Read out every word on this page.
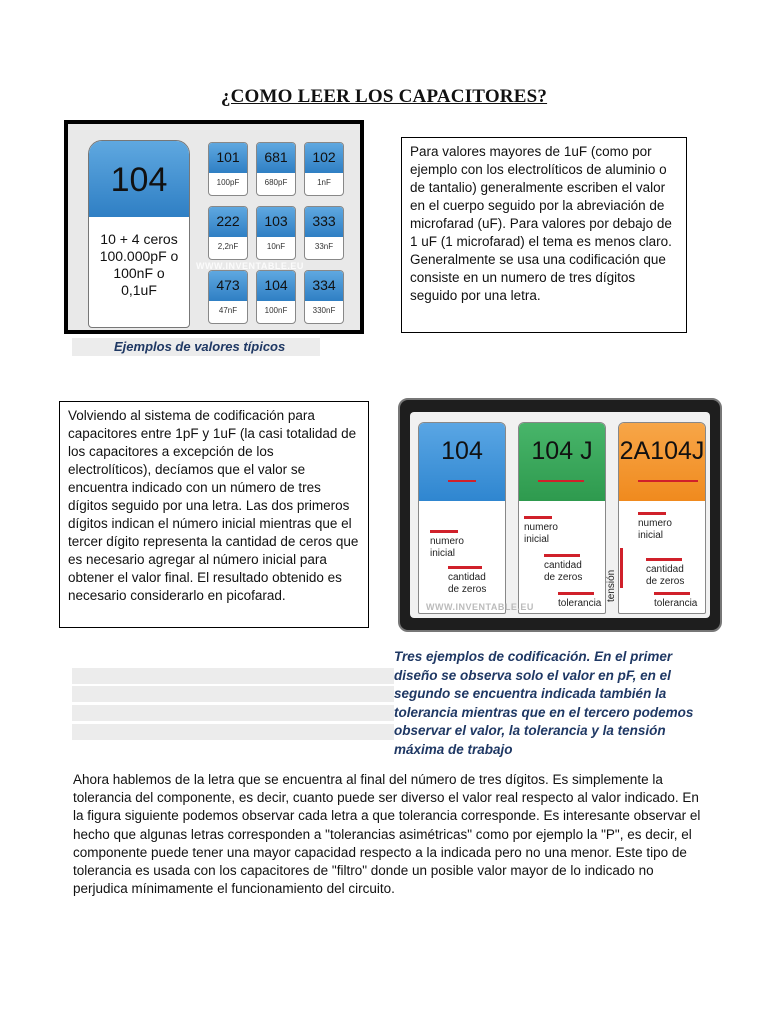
¿COMO LEER LOS CAPACITORES?
104
10 + 4 ceros
100.000pF o
100nF o
0,1uF
101
100pF
681
680pF
102
1nF
222
2,2nF
103
10nF
333
33nF
473
47nF
104
100nF
334
330nF
WWW.INVENTABLE.EU
Ejemplos de valores típicos
Para valores mayores de 1uF (como por ejemplo con los electrolíticos de aluminio o de tantalio) generalmente escriben el valor en el cuerpo seguido por la abreviación de microfarad (uF). Para valores por debajo de 1 uF (1 microfarad) el tema es menos claro. Generalmente se usa una codificación que consiste en un numero de tres dígitos seguido por una letra.
Volviendo al sistema de codificación para capacitores entre 1pF y 1uF (la casi totalidad de los capacitores a excepción de los electrolíticos), decíamos que el valor se encuentra indicado con un número de tres dígitos seguido por una letra. Las dos primeros dígitos indican el número inicial mientras que el tercer dígito representa la cantidad de ceros que es necesario agregar al número inicial para obtener el valor final. El resultado obtenido es necesario considerarlo en picofarad.
104
numero
inicial
cantidad
de zeros
104 J
numero
inicial
cantidad
de zeros
tolerancia
2A104J
numero
inicial
cantidad
de zeros
tolerancia
tensión
WWW.INVENTABLE.EU
Tres ejemplos de codificación. En el primer diseño se observa solo el valor en pF, en el segundo se encuentra indicada también la tolerancia mientras que en el tercero podemos observar el valor, la tolerancia y la tensión máxima de trabajo
Ahora hablemos de la letra que se encuentra al final del número de tres dígitos. Es simplemente la tolerancia del componente, es decir, cuanto puede ser diverso el valor real respecto al valor indicado. En la figura siguiente podemos observar cada letra a que tolerancia corresponde. Es interesante observar el hecho que algunas letras corresponden a "tolerancias asimétricas" como por ejemplo la "P", es decir, el componente puede tener una mayor capacidad respecto a la indicada pero no una menor. Este tipo de tolerancia es usada con los capacitores de "filtro" donde un posible valor mayor de lo indicado no perjudica mínimamente el funcionamiento del circuito.
